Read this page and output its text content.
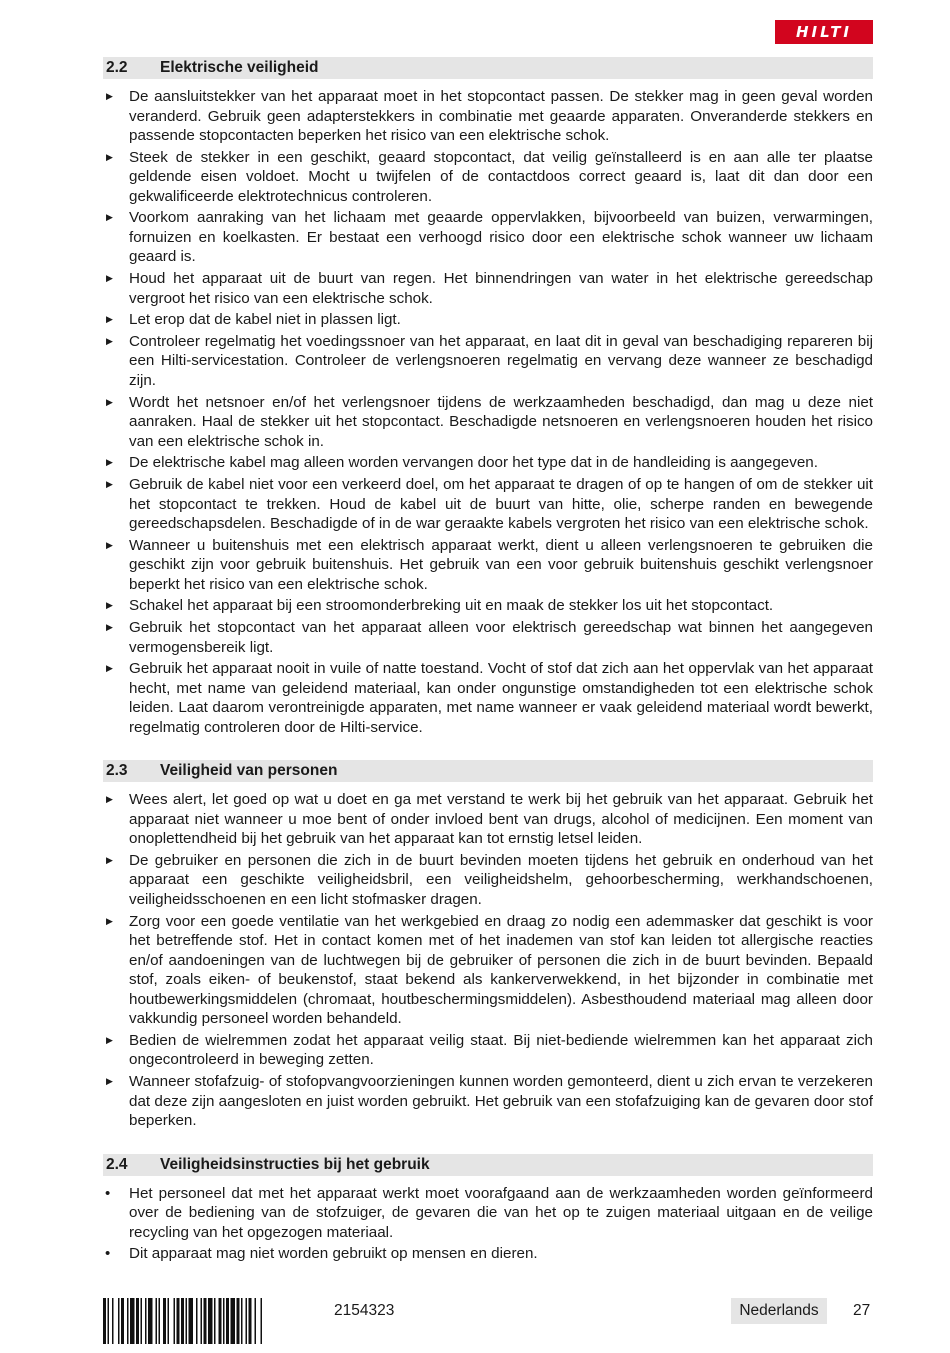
HILTI
2.2	Elektrische veiligheid
▶ De aansluitstekker van het apparaat moet in het stopcontact passen. De stekker mag in geen geval worden veranderd. Gebruik geen adapterstekkers in combinatie met geaarde apparaten. Onveranderde stekkers en passende stopcontacten beperken het risico van een elektrische schok.
▶ Steek de stekker in een geschikt, geaard stopcontact, dat veilig geïnstalleerd is en aan alle ter plaatse geldende eisen voldoet. Mocht u twijfelen of de contactdoos correct geaard is, laat dit dan door een gekwalificeerde elektrotechnicus controleren.
▶ Voorkom aanraking van het lichaam met geaarde oppervlakken, bijvoorbeeld van buizen, verwarmingen, fornuizen en koelkasten. Er bestaat een verhoogd risico door een elektrische schok wanneer uw lichaam geaard is.
▶ Houd het apparaat uit de buurt van regen. Het binnendringen van water in het elektrische gereedschap vergroot het risico van een elektrische schok.
▶ Let erop dat de kabel niet in plassen ligt.
▶ Controleer regelmatig het voedingssnoer van het apparaat, en laat dit in geval van beschadiging repareren bij een Hilti-servicestation. Controleer de verlengsnoeren regelmatig en vervang deze wanneer ze beschadigd zijn.
▶ Wordt het netsnoer en/of het verlengsnoer tijdens de werkzaamheden beschadigd, dan mag u deze niet aanraken. Haal de stekker uit het stopcontact. Beschadigde netsnoeren en verlengsnoeren houden het risico van een elektrische schok in.
▶ De elektrische kabel mag alleen worden vervangen door het type dat in de handleiding is aangegeven.
▶ Gebruik de kabel niet voor een verkeerd doel, om het apparaat te dragen of op te hangen of om de stekker uit het stopcontact te trekken. Houd de kabel uit de buurt van hitte, olie, scherpe randen en bewegende gereedschapsdelen. Beschadigde of in de war geraakte kabels vergroten het risico van een elektrische schok.
▶ Wanneer u buitenshuis met een elektrisch apparaat werkt, dient u alleen verlengsnoeren te gebruiken die geschikt zijn voor gebruik buitenshuis. Het gebruik van een voor gebruik buitenshuis geschikt verlengsnoer beperkt het risico van een elektrische schok.
▶ Schakel het apparaat bij een stroomonderbreking uit en maak de stekker los uit het stopcontact.
▶ Gebruik het stopcontact van het apparaat alleen voor elektrisch gereedschap wat binnen het aangegeven vermogensbereik ligt.
▶ Gebruik het apparaat nooit in vuile of natte toestand. Vocht of stof dat zich aan het oppervlak van het apparaat hecht, met name van geleidend materiaal, kan onder ongunstige omstandigheden tot een elektrische schok leiden. Laat daarom verontreinigde apparaten, met name wanneer er vaak geleidend materiaal wordt bewerkt, regelmatig controleren door de Hilti-service.
2.3	Veiligheid van personen
▶ Wees alert, let goed op wat u doet en ga met verstand te werk bij het gebruik van het apparaat. Gebruik het apparaat niet wanneer u moe bent of onder invloed bent van drugs, alcohol of medicijnen. Een moment van onoplettendheid bij het gebruik van het apparaat kan tot ernstig letsel leiden.
▶ De gebruiker en personen die zich in de buurt bevinden moeten tijdens het gebruik en onderhoud van het apparaat een geschikte veiligheidsbril, een veiligheidshelm, gehoorbescherming, werkhandschoenen, veiligheidsschoenen en een licht stofmasker dragen.
▶ Zorg voor een goede ventilatie van het werkgebied en draag zo nodig een ademmasker dat geschikt is voor het betreffende stof. Het in contact komen met of het inademen van stof kan leiden tot allergische reacties en/of aandoeningen van de luchtwegen bij de gebruiker of personen die zich in de buurt bevinden. Bepaald stof, zoals eiken- of beukenstof, staat bekend als kankerverwekkend, in het bijzonder in combinatie met houtbewerkingsmiddelen (chromaat, houtbeschermingsmiddelen). Asbesthoudend materiaal mag alleen door vakkundig personeel worden behandeld.
▶ Bedien de wielremmen zodat het apparaat veilig staat. Bij niet-bediende wielremmen kan het apparaat zich ongecontroleerd in beweging zetten.
▶ Wanneer stofafzuig- of stofopvangvoorzieningen kunnen worden gemonteerd, dient u zich ervan te verzekeren dat deze zijn aangesloten en juist worden gebruikt. Het gebruik van een stofafzuiging kan de gevaren door stof beperken.
2.4	Veiligheidsinstructies bij het gebruik
• Het personeel dat met het apparaat werkt moet voorafgaand aan de werkzaamheden worden geïnformeerd over de bediening van de stofzuiger, de gevaren die van het op te zuigen materiaal uitgaan en de veilige recycling van het opgezogen materiaal.
• Dit apparaat mag niet worden gebruikt op mensen en dieren.
2154323	Nederlands	27
